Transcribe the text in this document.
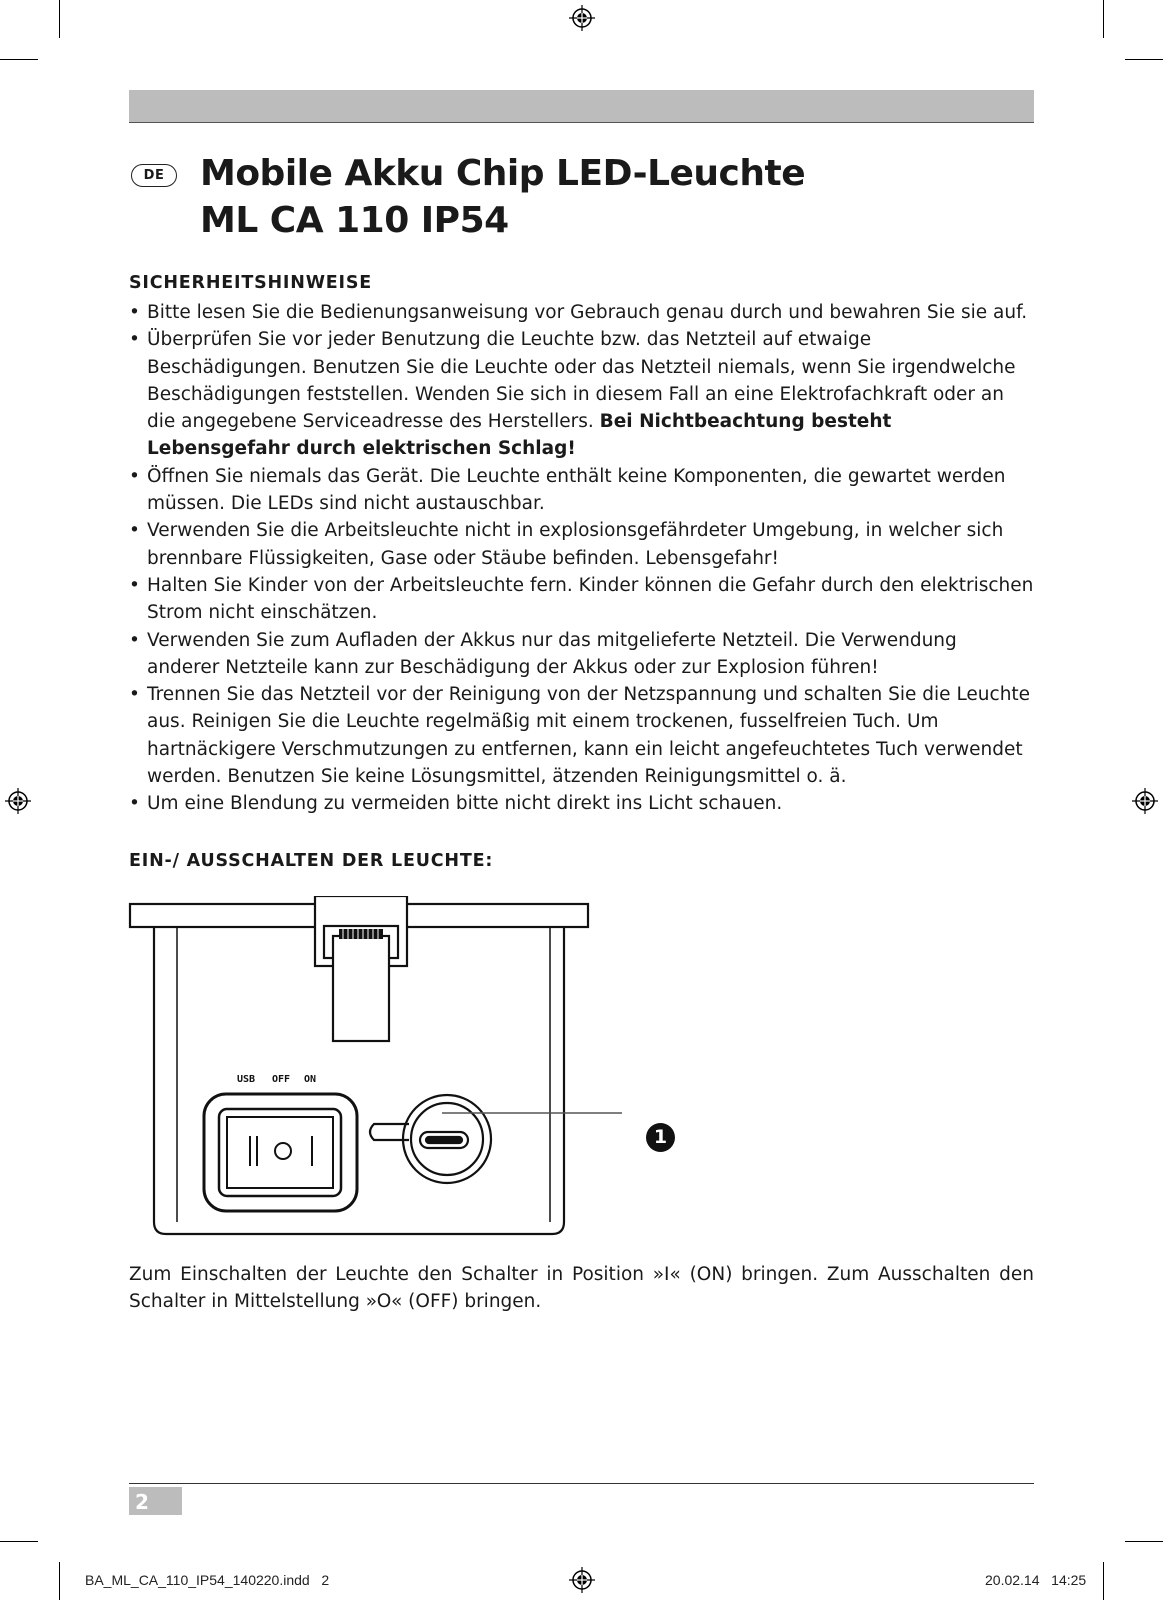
DE Mobile Akku Chip LED-Leuchte
ML CA 110 IP54
SICHERHEITSHINWEISE
• Bitte lesen Sie die Bedienungsanweisung vor Gebrauch genau durch und bewahren Sie sie auf.
• Überprüfen Sie vor jeder Benutzung die Leuchte bzw. das Netzteil auf etwaige Beschädigungen. Benutzen Sie die Leuchte oder das Netzteil niemals, wenn Sie irgendwelche Beschädigungen feststellen. Wenden Sie sich in diesem Fall an eine Elektrofachkraft oder an die angegebene Serviceadresse des Herstellers. Bei Nichtbeachtung besteht Lebensgefahr durch elektrischen Schlag!
• Öffnen Sie niemals das Gerät. Die Leuchte enthält keine Komponenten, die gewartet werden müssen. Die LEDs sind nicht austauschbar.
• Verwenden Sie die Arbeitsleuchte nicht in explosionsgefährdeter Umgebung, in welcher sich brennbare Flüssigkeiten, Gase oder Stäube befinden. Lebensgefahr!
• Halten Sie Kinder von der Arbeitsleuchte fern. Kinder können die Gefahr durch den elektrischen Strom nicht einschätzen.
• Verwenden Sie zum Aufladen der Akkus nur das mitgelieferte Netzteil. Die Verwendung anderer Netzteile kann zur Beschädigung der Akkus oder zur Explosion führen!
• Trennen Sie das Netzteil vor der Reinigung von der Netzspannung und schalten Sie die Leuchte aus. Reinigen Sie die Leuchte regelmäßig mit einem trockenen, fusselfreien Tuch. Um hartnäckigere Verschmutzungen zu entfernen, kann ein leicht angefeuchtetes Tuch verwendet werden. Benutzen Sie keine Lösungsmittel, ätzenden Reinigungsmittel o. ä.
• Um eine Blendung zu vermeiden bitte nicht direkt ins Licht schauen.
EIN-/ AUSSCHALTEN DER LEUCHTE:
USB OFF ON
1
Zum Einschalten der Leuchte den Schalter in Position »I« (ON) bringen. Zum Ausschalten den Schalter in Mittelstellung »O« (OFF) bringen.
2
BA_ML_CA_110_IP54_140220.indd   2	20.02.14   14:25
